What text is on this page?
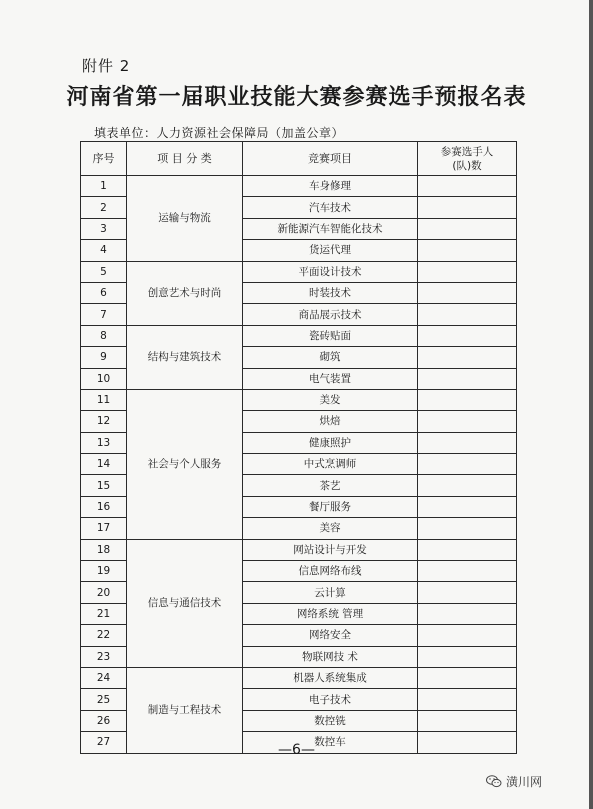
附件 2
河南省第一届职业技能大赛参赛选手预报名表
填表单位：人力资源社会保障局（加盖公章）
序号	项 目 分 类	竞赛项目	参赛选手人
(队)数
1	运输与物流	车身修理	
2		汽车技术	
3		新能源汽车智能化技术	
4		货运代理	
5	创意艺术与时尚	平面设计技术	
6		时装技术	
7		商品展示技术	
8	结构与建筑技术	瓷砖贴面	
9		砌筑	
10		电气装置	
11	社会与个人服务	美发	
12		烘焙	
13		健康照护	
14		中式烹调师	
15		茶艺	
16		餐厅服务	
17		美容	
18	信息与通信技术	网站设计与开发	
19		信息网络布线	
20		云计算	
21		网络系统 管理	
22		网络安全	
23		物联网技 术	
24	制造与工程技术	机器人系统集成	
25		电子技术	
26		数控铣	
27		数控车	
—6—
潢川网
